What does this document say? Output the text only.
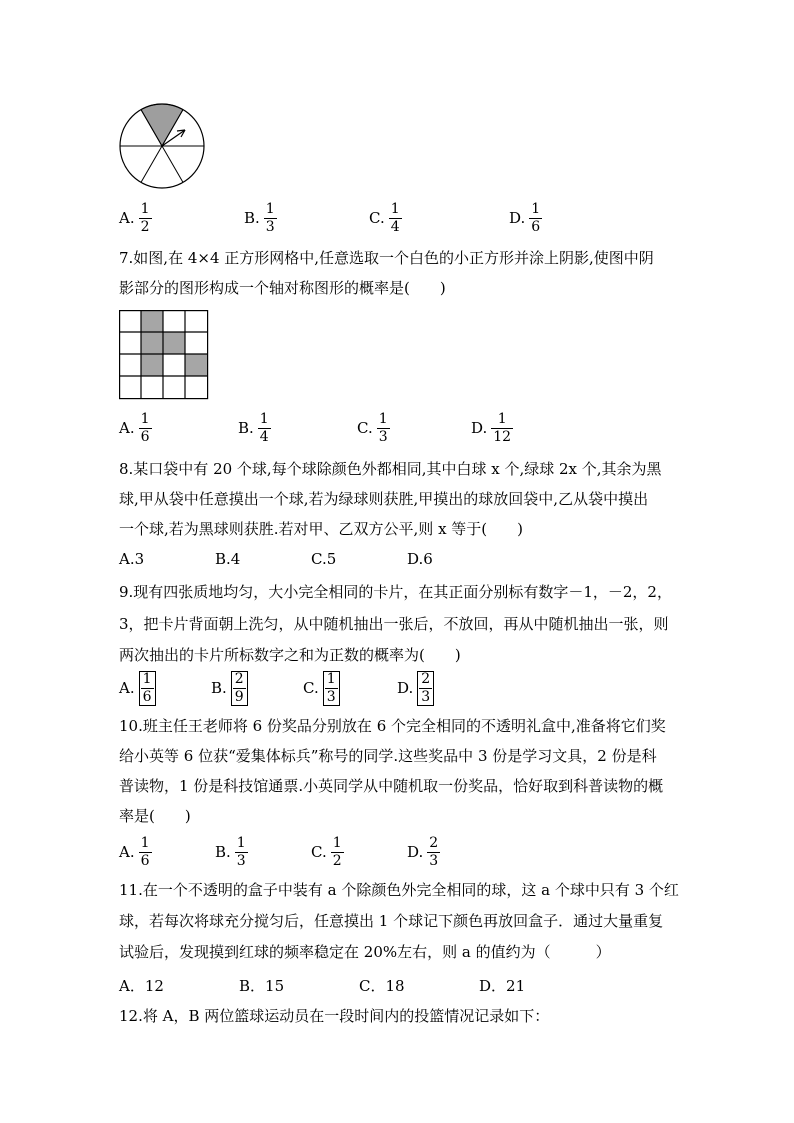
A. $\frac{1}{2}$	B. $\frac{1}{3}$	C. $\frac{1}{4}$	D. $\frac{1}{6}$
7.如图,在 4×4 正方形网格中,任意选取一个白色的小正方形并涂上阴影,使图中阴
影部分的图形构成一个轴对称图形的概率是(　　)
A. $\frac{1}{6}$	B. $\frac{1}{4}$	C. $\frac{1}{3}$	D. $\frac{1}{12}$
8.某口袋中有 20 个球,每个球除颜色外都相同,其中白球 x 个,绿球 2x 个,其余为黑
球,甲从袋中任意摸出一个球,若为绿球则获胜,甲摸出的球放回袋中,乙从袋中摸出
一个球,若为黑球则获胜.若对甲、乙双方公平,则 x 等于(　　)
A.3	B.4	C.5	D.6
9.现有四张质地均匀，大小完全相同的卡片，在其正面分别标有数字－1，－2，2，
3，把卡片背面朝上洗匀，从中随机抽出一张后，不放回，再从中随机抽出一张，则
两次抽出的卡片所标数字之和为正数的概率为(　　)
A. $\frac{1}{6}$	B. $\frac{2}{9}$	C. $\frac{1}{3}$	D. $\frac{2}{3}$
10.班主任王老师将 6 份奖品分别放在 6 个完全相同的不透明礼盒中,准备将它们奖
给小英等 6 位获“爱集体标兵”称号的同学.这些奖品中 3 份是学习文具，2 份是科
普读物，1 份是科技馆通票.小英同学从中随机取一份奖品，恰好取到科普读物的概
率是(　　)
A. $\frac{1}{6}$	B. $\frac{1}{3}$	C. $\frac{1}{2}$	D. $\frac{2}{3}$
11.在一个不透明的盒子中装有 a 个除颜色外完全相同的球，这 a 个球中只有 3 个红
球，若每次将球充分搅匀后，任意摸出 1 个球记下颜色再放回盒子．通过大量重复
试验后，发现摸到红球的频率稳定在 20%左右，则 a 的值约为（　　　）
A．12	B．15	C．18	D．21
12.将 A，B 两位篮球运动员在一段时间内的投篮情况记录如下：
